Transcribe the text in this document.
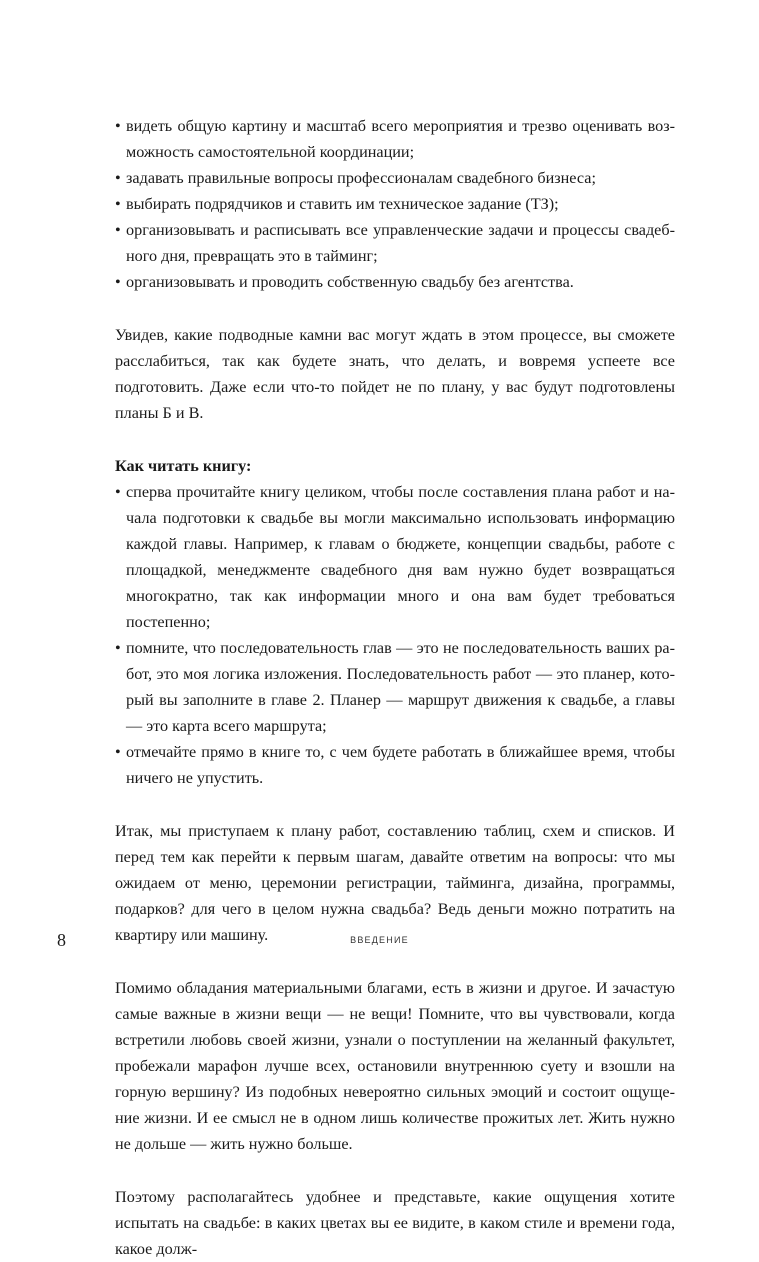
• видеть общую картину и масштаб всего мероприятия и трезво оценивать возможность самостоятельной координации;
• задавать правильные вопросы профессионалам свадебного бизнеса;
• выбирать подрядчиков и ставить им техническое задание (ТЗ);
• организовывать и расписывать все управленческие задачи и процессы свадебного дня, превращать это в тайминг;
• организовывать и проводить собственную свадьбу без агентства.

Увидев, какие подводные камни вас могут ждать в этом процессе, вы сможете расслабиться, так как будете знать, что делать, и вовремя успеете все подготовить. Даже если что-то пойдет не по плану, у вас будут подготовлены планы Б и В.

Как читать книгу:

• сперва прочитайте книгу целиком, чтобы после составления плана работ и начала подготовки к свадьбе вы могли максимально использовать информацию каждой главы. Например, к главам о бюджете, концепции свадьбы, работе с площадкой, менеджменте свадебного дня вам нужно будет возвращаться многократно, так как информации много и она вам будет требоваться постепенно;
• помните, что последовательность глав — это не последовательность ваших работ, это моя логика изложения. Последовательность работ — это планер, который вы заполните в главе 2. Планер — маршрут движения к свадьбе, а главы — это карта всего маршрута;
• отмечайте прямо в книге то, с чем будете работать в ближайшее время, чтобы ничего не упустить.

Итак, мы приступаем к плану работ, составлению таблиц, схем и списков. И перед тем как перейти к первым шагам, давайте ответим на вопросы: что мы ожидаем от меню, церемонии регистрации, тайминга, дизайна, программы, подарков? для чего в целом нужна свадьба? Ведь деньги можно потратить на квартиру или машину.

Помимо обладания материальными благами, есть в жизни и другое. И зачастую самые важные в жизни вещи — не вещи! Помните, что вы чувствовали, когда встретили любовь своей жизни, узнали о поступлении на желанный факультет, пробежали марафон лучше всех, остановили внутреннюю суету и взошли на горную вершину? Из подобных невероятно сильных эмоций и состоит ощущение жизни. И ее смысл не в одном лишь количестве прожитых лет. Жить нужно не дольше — жить нужно больше.

Поэтому располагайтесь удобнее и представьте, какие ощущения хотите испытать на свадьбе: в каких цветах вы ее видите, в каком стиле и времени года, какое долж-

8	ВВЕДЕНИЕ
